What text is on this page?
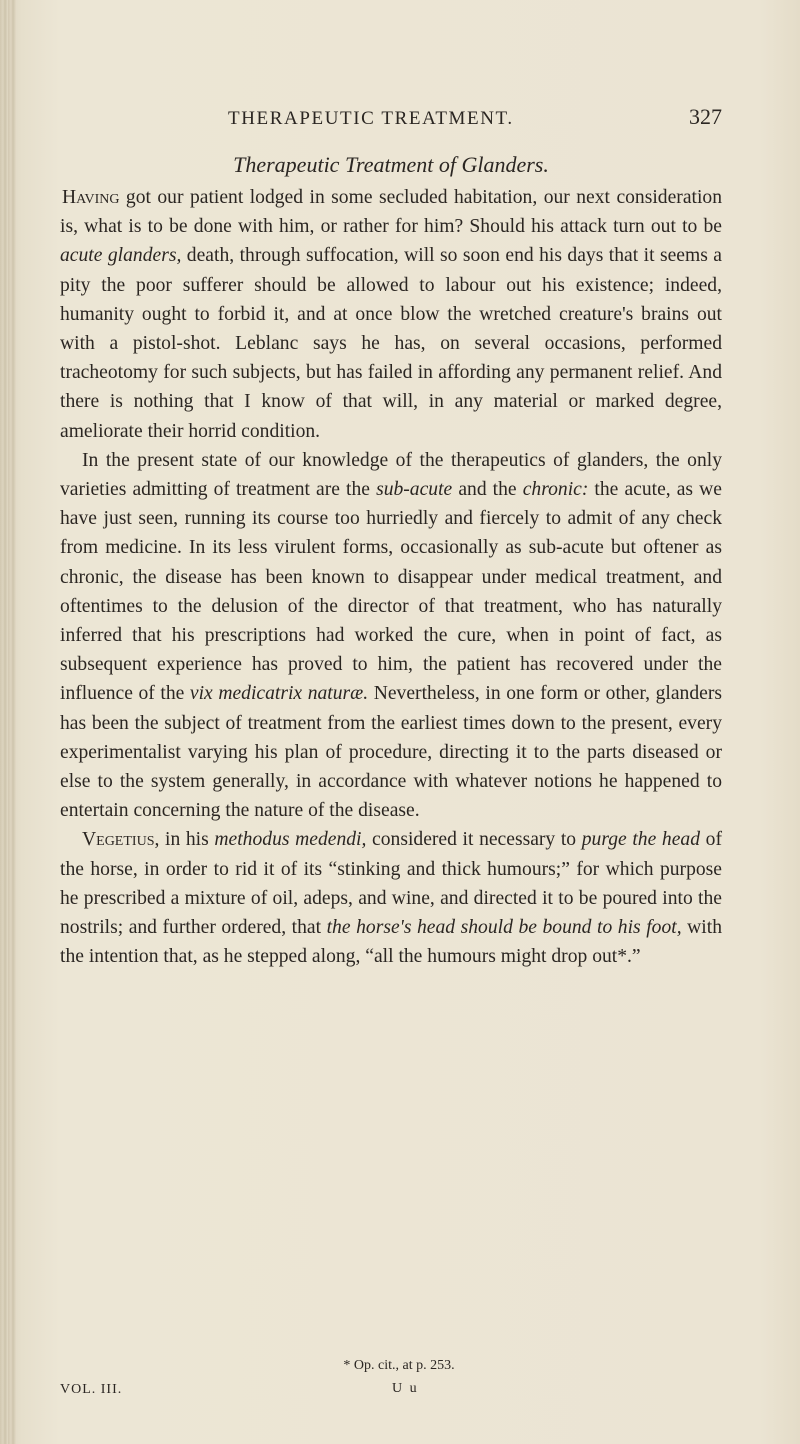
THERAPEUTIC TREATMENT.	327
Therapeutic Treatment of Glanders.

Having got our patient lodged in some secluded habitation, our next consideration is, what is to be done with him, or rather for him? Should his attack turn out to be acute glanders, death, through suffocation, will so soon end his days that it seems a pity the poor sufferer should be allowed to labour out his existence; indeed, humanity ought to forbid it, and at once blow the wretched creature's brains out with a pistol-shot. Leblanc says he has, on several occasions, performed tracheotomy for such subjects, but has failed in affording any permanent relief. And there is nothing that I know of that will, in any material or marked degree, ameliorate their horrid condition.

In the present state of our knowledge of the therapeutics of glanders, the only varieties admitting of treatment are the sub-acute and the chronic: the acute, as we have just seen, running its course too hurriedly and fiercely to admit of any check from medicine. In its less virulent forms, occasionally as sub-acute but oftener as chronic, the disease has been known to disappear under medical treatment, and oftentimes to the delusion of the director of that treatment, who has naturally inferred that his prescriptions had worked the cure, when in point of fact, as subsequent experience has proved to him, the patient has recovered under the influence of the vix medicatrix naturæ. Nevertheless, in one form or other, glanders has been the subject of treatment from the earliest times down to the present, every experimentalist varying his plan of procedure, directing it to the parts diseased or else to the system generally, in accordance with whatever notions he happened to entertain concerning the nature of the disease.

Vegetius, in his methodus medendi, considered it necessary to purge the head of the horse, in order to rid it of its “stinking and thick humours;” for which purpose he prescribed a mixture of oil, adeps, and wine, and directed it to be poured into the nostrils; and further ordered, that the horse's head should be bound to his foot, with the intention that, as he stepped along, “all the humours might drop out*.”

* Op. cit., at p. 253.
VOL. III.	U u
